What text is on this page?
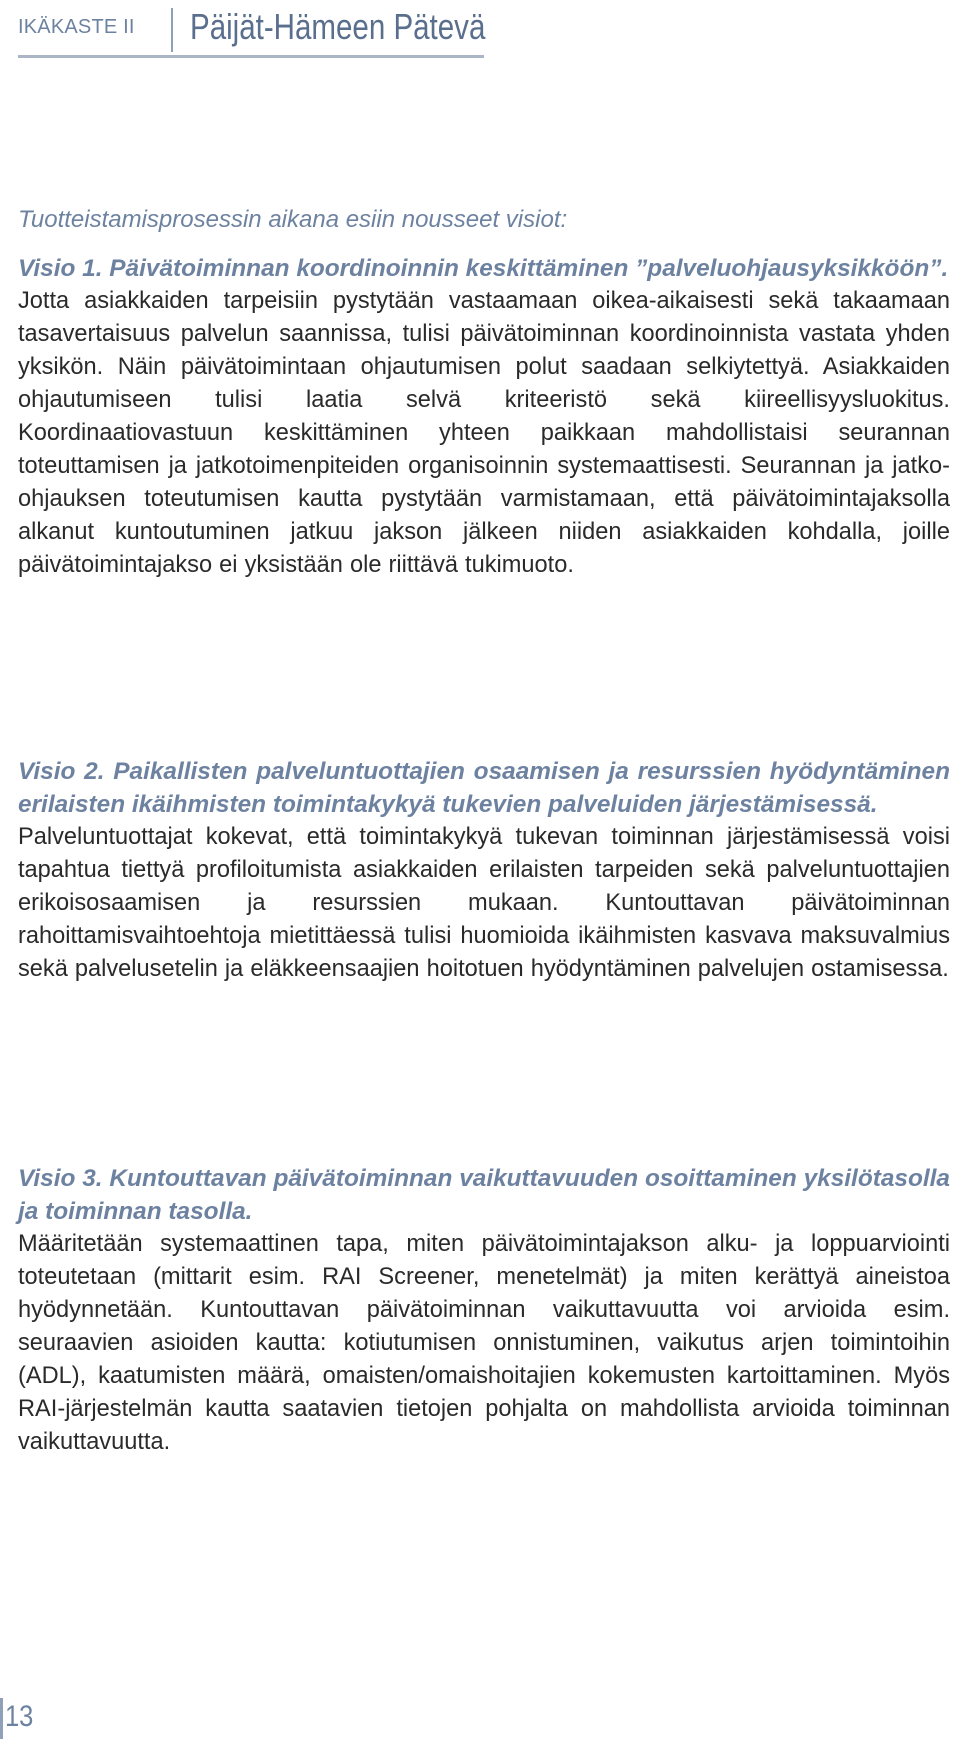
IKÄKASTE II Päijät-Hämeen Pätevä
Tuotteistamisprosessin aikana esiin nousseet visiot:

Visio 1. Päivätoiminnan koordinoinnin keskittäminen ”palveluohjausyksikköön”.

Jotta asiakkaiden tarpeisiin pystytään vastaamaan oikea-aikaisesti sekä takaamaan tasavertaisuus palvelun saannissa, tulisi päivätoiminnan koordinoinnista vastata yhden yksikön. Näin päivätoimintaan ohjautumisen polut saadaan selkiytettyä. Asiakkaiden ohjautumiseen tulisi laatia selvä kriteeristö sekä kiireellisyysluokitus. Koordinaatiovastuun keskittäminen yhteen paikkaan mahdollistaisi seurannan toteuttamisen ja jatkotoimenpiteiden organisoinnin systemaattisesti. Seurannan ja jatko-ohjauksen toteutumisen kautta pystytään varmistamaan, että päivätoimintajaksolla alkanut kuntoutuminen jatkuu jakson jälkeen niiden asiakkaiden kohdalla, joille päivätoimintajakso ei yksistään ole riittävä tukimuoto.

Visio 2. Paikallisten palveluntuottajien osaamisen ja resurssien hyödyntäminen erilaisten ikäihmisten toimintakykyä tukevien palveluiden järjestämisessä.

Palveluntuottajat kokevat, että toimintakykyä tukevan toiminnan järjestämisessä voisi tapahtua tiettyä profiloitumista asiakkaiden erilaisten tarpeiden sekä palveluntuottajien erikoisosaamisen ja resurssien mukaan. Kuntouttavan päivätoiminnan rahoittamisvaihtoehtoja mietittäessä tulisi huomioida ikäihmisten kasvava maksuvalmius sekä palvelusetelin ja eläkkeensaajien hoitotuen hyödyntäminen palvelujen ostamisessa.

Visio 3. Kuntouttavan päivätoiminnan vaikuttavuuden osoittaminen yksilötasolla ja toiminnan tasolla.

Määritetään systemaattinen tapa, miten päivätoimintajakson alku- ja loppuarviointi toteutetaan (mittarit esim. RAI Screener, menetelmät) ja miten kerättyä aineistoa hyödynnetään. Kuntouttavan päivätoiminnan vaikuttavuutta voi arvioida esim. seuraavien asioiden kautta: kotiutumisen onnistuminen, vaikutus arjen toimintoihin (ADL), kaatumisten määrä, omaisten/omaishoitajien kokemusten kartoittaminen. Myös RAI-järjestelmän kautta saatavien tietojen pohjalta on mahdollista arvioida toiminnan vaikuttavuutta.

13
